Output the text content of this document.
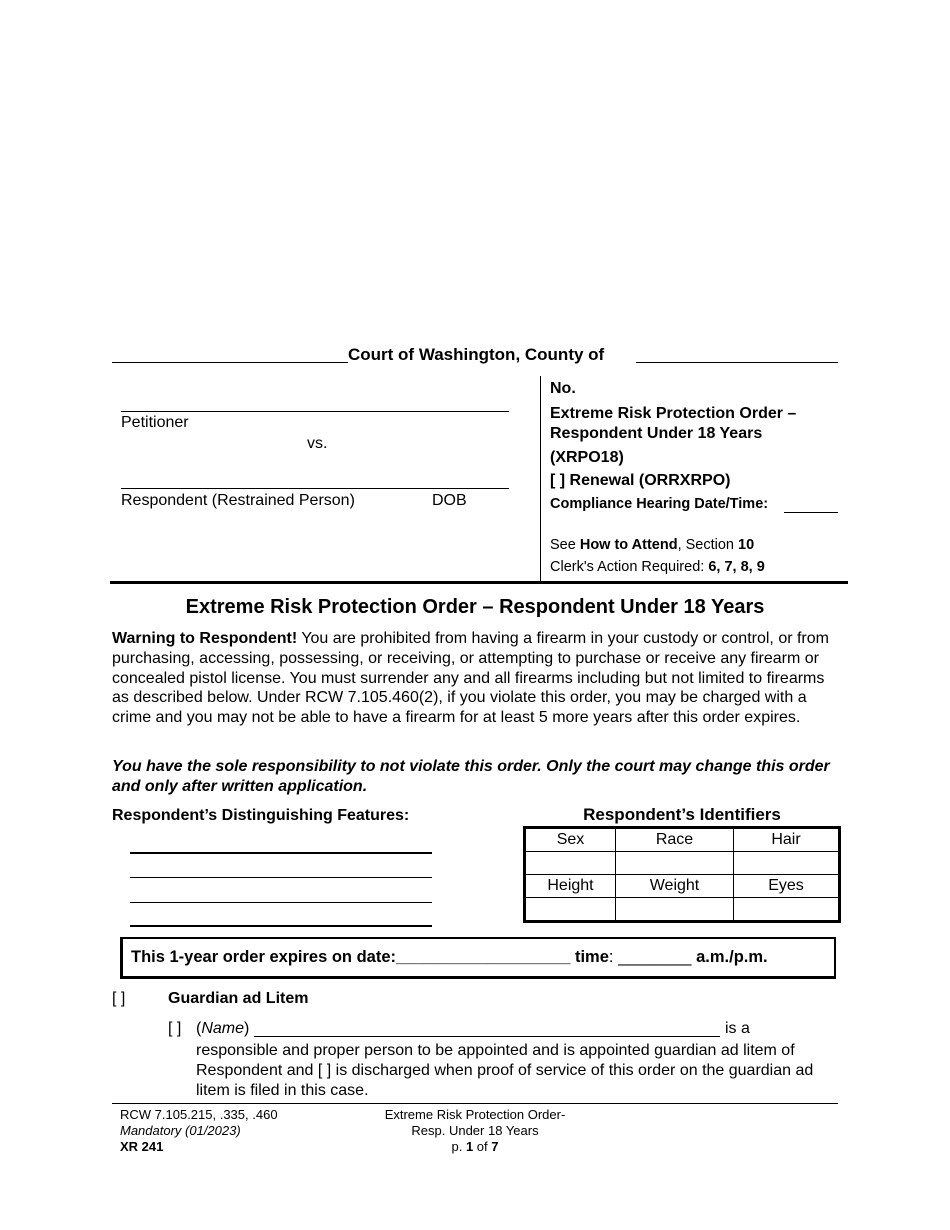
Court of Washington, County of
Petitioner
vs.
Respondent (Restrained Person)	DOB
No.
Extreme Risk Protection Order –
Respondent Under 18 Years
(XRPO18)
[ ] Renewal (ORRXRPO)
Compliance Hearing Date/Time:
See How to Attend, Section 10
Clerk's Action Required: 6, 7, 8, 9
Extreme Risk Protection Order – Respondent Under 18 Years

Warning to Respondent! You are prohibited from having a firearm in your custody or control, or from purchasing, accessing, possessing, or receiving, or attempting to purchase or receive any firearm or concealed pistol license. You must surrender any and all firearms including but not limited to firearms as described below. Under RCW 7.105.460(2), if you violate this order, you may be charged with a crime and you may not be able to have a firearm for at least 5 more years after this order expires.

You have the sole responsibility to not violate this order. Only the court may change this order and only after written application.

Respondent’s Distinguishing Features:	Respondent’s Identifiers
Sex	Race	Hair

Height	Weight	Eyes

This 1-year order expires on date:___________________ time: ________ a.m./p.m.
[ ]	Guardian ad Litem
[ ] (Name)	is a
responsible and proper person to be appointed and is appointed guardian ad litem of Respondent and [ ] is discharged when proof of service of this order on the guardian ad litem is filed in this case.
RCW 7.105.215, .335, .460
Mandatory (01/2023)
XR 241
Extreme Risk Protection Order-
Resp. Under 18 Years
p. 1 of 7
